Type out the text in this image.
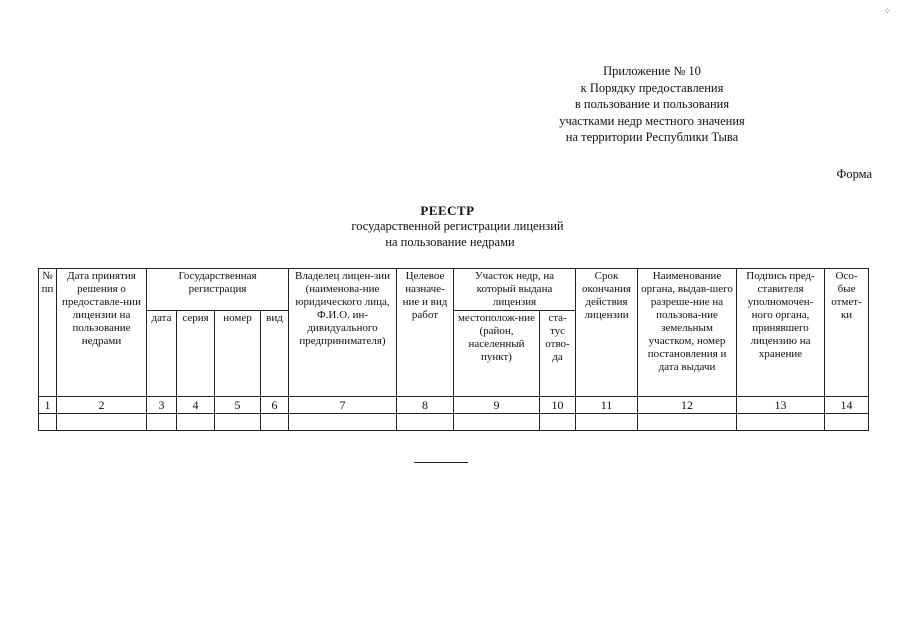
⁘
Приложение № 10
к Порядку предоставления
в пользование и пользования
участками недр местного значения
на территории Республики Тыва
Форма
РЕЕСТР
государственной регистрации лицензий
на пользование недрами
№ пп	Дата принятия решения о предоставле-нии лицензии на пользование недрами	Государственная регистрация				Владелец лицен-зии (наименова-ние юридического лица, Ф.И.О. ин-дивидуального предпринимателя)	Целевое назначе-ние и вид работ	Участок недр, на который выдана лицензия		Срок окончания действия лицензии	Наименование органа, выдав-шего разреше-ние на пользова-ние земельным участком, номер постановления и дата выдачи	Подпись пред-ставителя уполномочен-ного органа, принявшего лицензию на хранение	Осо-бые отмет-ки
		дата	серия	номер	вид			местополож-ние (район, населенный пункт)	ста-тус отво-да				
1	2	3	4	5	6	7	8	9	10	11	12	13	14
